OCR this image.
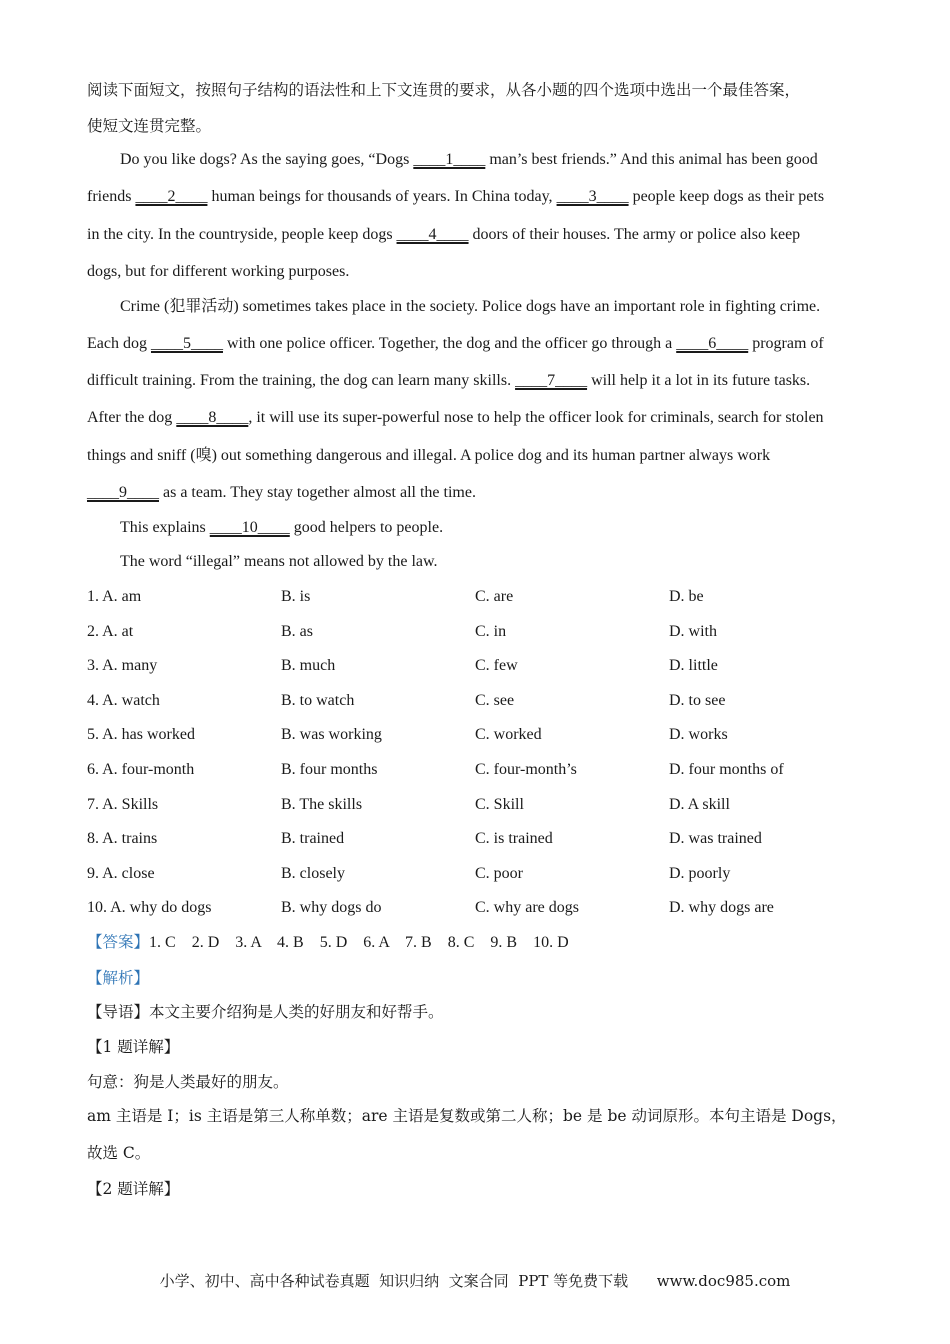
阅读下面短文，按照句子结构的语法性和上下文连贯的要求，从各小题的四个选项中选出一个最佳答案，
使短文连贯完整。
Do you like dogs? As the saying goes, “Dogs ____1____ man’s best friends.” And this animal has been good
friends ____2____ human beings for thousands of years. In China today, ____3____ people keep dogs as their pets
in the city. In the countryside, people keep dogs ____4____ doors of their houses. The army or police also keep
dogs, but for different working purposes.
Crime (犯罪活动) sometimes takes place in the society. Police dogs have an important role in fighting crime.
Each dog ____5____ with one police officer. Together, the dog and the officer go through a ____6____ program of
difficult training. From the training, the dog can learn many skills. ____7____ will help it a lot in its future tasks.
After the dog ____8____, it will use its super-powerful nose to help the officer look for criminals, search for stolen
things and sniff (嗅) out something dangerous and illegal. A police dog and its human partner always work
____9____ as a team. They stay together almost all the time.
This explains ____10____ good helpers to people.
The word “illegal” means not allowed by the law.
1. A. am	B. is	C. are	D. be
2. A. at	B. as	C. in	D. with
3. A. many	B. much	C. few	D. little
4. A. watch	B. to watch	C. see	D. to see
5. A. has worked	B. was working	C. worked	D. works
6. A. four-month	B. four months	C. four-month’s	D. four months of
7. A. Skills	B. The skills	C. Skill	D. A skill
8. A. trains	B. trained	C. is trained	D. was trained
9. A. close	B. closely	C. poor	D. poorly
10. A. why do dogs	B. why dogs do	C. why are dogs	D. why dogs are
【答案】1. C    2. D    3. A    4. B    5. D    6. A    7. B    8. C    9. B    10. D
【解析】
【导语】本文主要介绍狗是人类的好朋友和好帮手。
【1 题详解】
句意：狗是人类最好的朋友。
am 主语是 I；is 主语是第三人称单数；are 主语是复数或第二人称；be 是 be 动词原形。本句主语是 Dogs，
故选 C。
【2 题详解】
小学、初中、高中各种试卷真题  知识归纳  文案合同  PPT 等免费下载      www.doc985.com
